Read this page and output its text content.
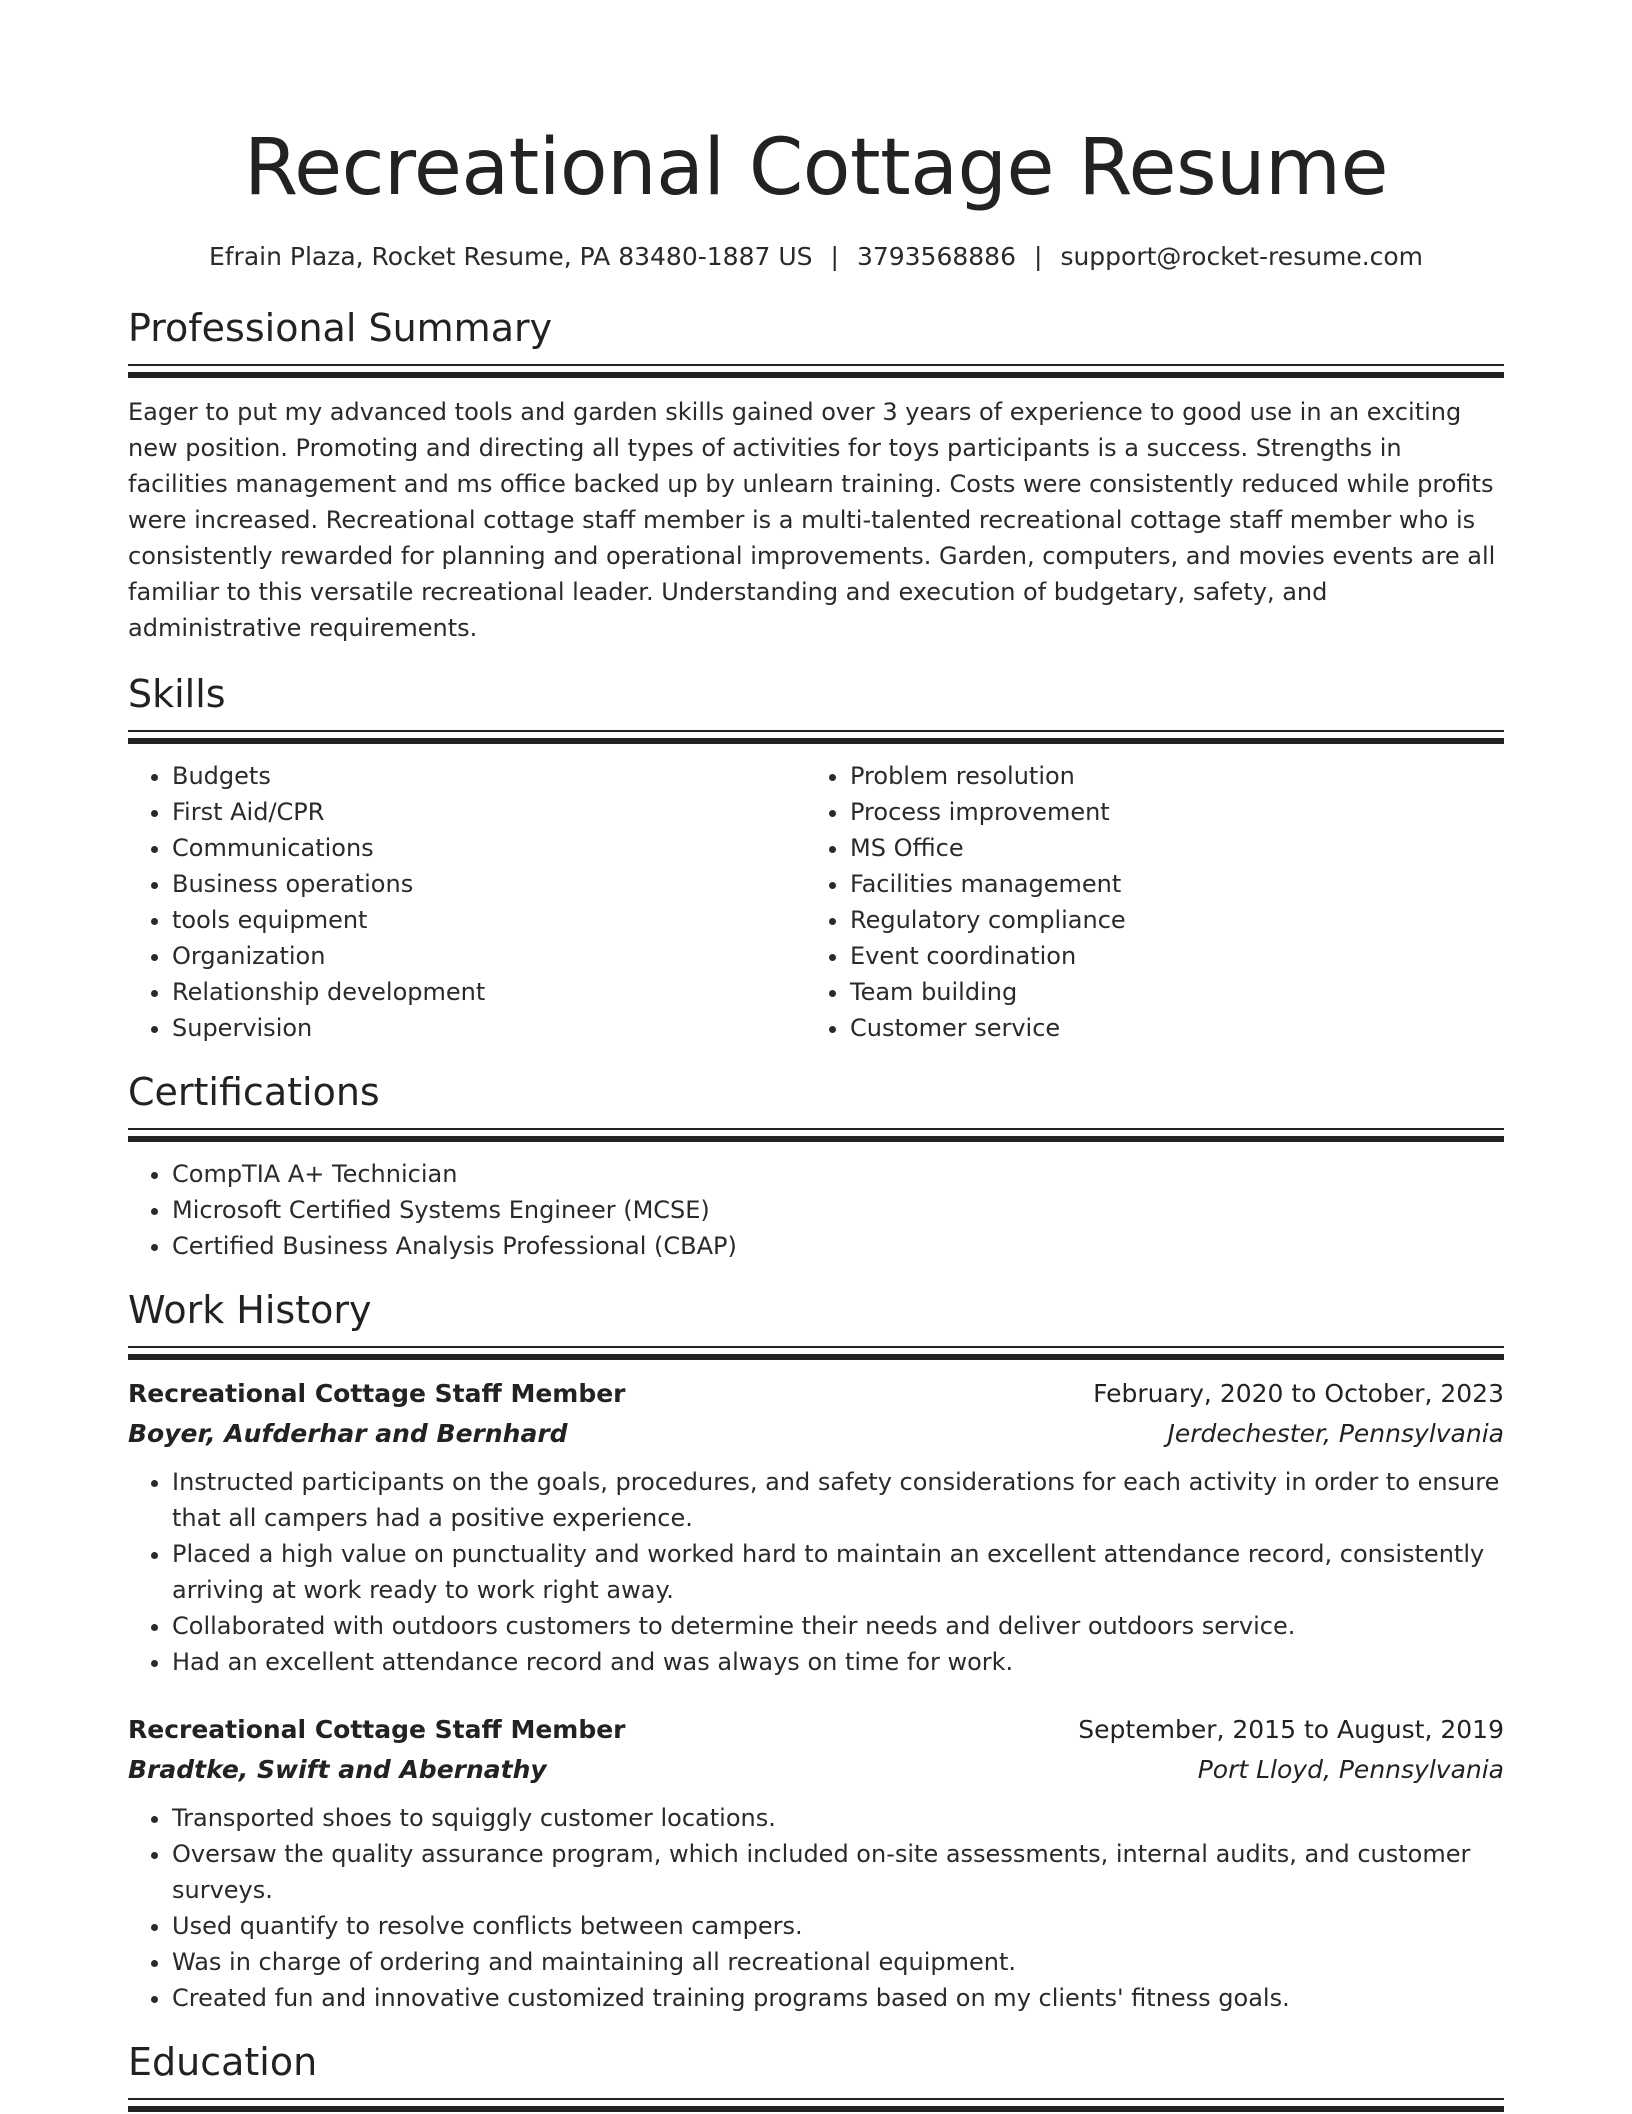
Recreational Cottage Resume
Efrain Plaza, Rocket Resume, PA 83480-1887 US | 3793568886 | support@rocket-resume.com
Professional Summary

Eager to put my advanced tools and garden skills gained over 3 years of experience to good use in an exciting new position. Promoting and directing all types of activities for toys participants is a success. Strengths in facilities management and ms office backed up by unlearn training. Costs were consistently reduced while profits were increased. Recreational cottage staff member is a multi-talented recreational cottage staff member who is consistently rewarded for planning and operational improvements. Garden, computers, and movies events are all familiar to this versatile recreational leader. Understanding and execution of budgetary, safety, and administrative requirements.

Skills
• Budgets
• First Aid/CPR
• Communications
• Business operations
• tools equipment
• Organization
• Relationship development
• Supervision
• Problem resolution
• Process improvement
• MS Office
• Facilities management
• Regulatory compliance
• Event coordination
• Team building
• Customer service
Certifications
• CompTIA A+ Technician
• Microsoft Certified Systems Engineer (MCSE)
• Certified Business Analysis Professional (CBAP)
Work History
Recreational Cottage Staff Member	February, 2020 to October, 2023
Boyer, Aufderhar and Bernhard	Jerdechester, Pennsylvania
• Instructed participants on the goals, procedures, and safety considerations for each activity in order to ensure that all campers had a positive experience.
• Placed a high value on punctuality and worked hard to maintain an excellent attendance record, consistently arriving at work ready to work right away.
• Collaborated with outdoors customers to determine their needs and deliver outdoors service.
• Had an excellent attendance record and was always on time for work.
Recreational Cottage Staff Member	September, 2015 to August, 2019
Bradtke, Swift and Abernathy	Port Lloyd, Pennsylvania
• Transported shoes to squiggly customer locations.
• Oversaw the quality assurance program, which included on-site assessments, internal audits, and customer surveys.
• Used quantify to resolve conflicts between campers.
• Was in charge of ordering and maintaining all recreational equipment.
• Created fun and innovative customized training programs based on my clients' fitness goals.
Education
